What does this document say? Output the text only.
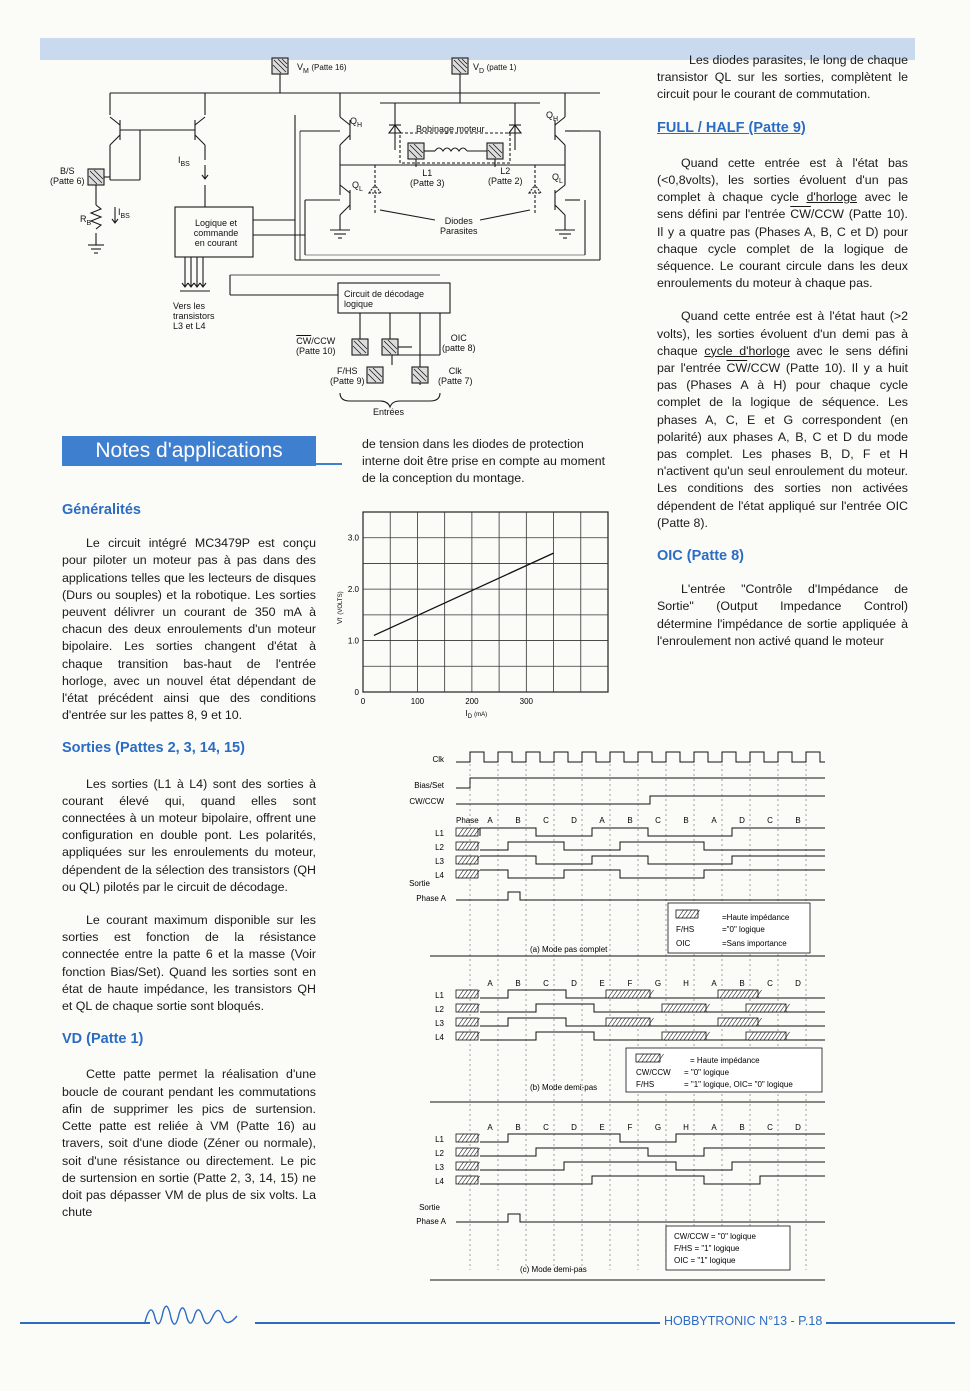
$V_M$ (Patte 16)	$V_D$ (patte 1)
$Q_H$
$Q_H$
Bobinage moteur
L1
(Patte 3)
L2
(Patte 2)
$Q_L$
$Q_L$
Diodes
Parasites
B/S
(Patte 6)
$I_{BS}$
$R_B$
$I_{BS}$
Logique et
commande
en courant
Vers les
transistors
L3 et L4
Circuit de décodage
logique
$\overline{CW}$/CCW
(Patte 10)
OIC
(patte 8)
F/HS
(Patte 9)
Clk
(Patte 7)
Entrées
Notes d'applications
Généralités

Le circuit intégré MC3479P est conçu pour piloter un moteur pas à pas dans des applications telles que les lecteurs de disques (Durs ou souples) et la robotique. Les sorties peuvent délivrer un courant de 350 mA à chacun des deux enroulements d'un moteur bipolaire. Les sorties changent d'état à chaque transition bas-haut de l'entrée horloge, avec un nouvel état dépendant de l'état précédent ainsi que des conditions d'entrée sur les pattes 8, 9 et 10.

Sorties (Pattes 2, 3, 14, 15)

Les sorties (L1 à L4) sont des sorties à courant élevé qui, quand elles sont connectées à un moteur bipolaire, offrent une configuration en double pont. Les polarités, appliquées sur les enroulements du moteur, dépendent de la sélection des transistors (QH ou QL) pilotés par le circuit de décodage.

Le courant maximum disponible sur les sorties est fonction de la résistance connectée entre la patte 6 et la masse (Voir fonction Bias/Set). Quand les sorties sont en état de haute impédance, les transistors QH et QL de chaque sortie sont bloqués.

VD (Patte 1)

Cette patte permet la réalisation d'une boucle de courant pendant les commutations afin de supprimer les pics de surtension. Cette patte est reliée à VM (Patte 16) au travers, soit d'une diode (Zéner ou normale), soit d'une résistance ou directement. Le pic de surtension en sortie (Patte 2, 3, 14, 15) ne doit pas dépasser VM de plus de six volts. La chute

de tension dans les diodes de protection interne doit être prise en compte au moment de la conception du montage.

0	100	200	300
0
1.0
2.0
3.0
$I_D$ $^{(mA)}$
Vf(VOLTS)
Clk
Bias/Set
CW/CCW
Phase A	B	C	D	A	B	C	B	A	D	C	B
L1
L2
L3
L4
Sortie
Phase A
(a) Mode pas complet
=Haute impédance
F/HS	="0" logique
OIC	=Sans importance
A	B	C	D	E	F	G	H	A	B	C	D
L1
L2
L3
L4
(b) Mode demi-pas
= Haute impédance
CW/CCW = "0" logique
F/HS	= "1" logique, OIC= "0" logique
A	B	C	D	E	F	G	H	A	B	C	D
L1
L2
L3
L4
Sortie
Phase A
(c) Mode demi-pas
CW/CCW = "0" logique
F/HS = "1" logique
OIC = "1" logique

Les diodes parasites, le long de chaque transistor QL sur les sorties, complètent le circuit pour le courant de commutation.

FULL / HALF (Patte 9)

Quand cette entrée est à l'état bas (<0,8volts), les sorties évoluent d'un pas complet à chaque cycle d'horloge avec le sens défini par l'entrée $\overline{CW}$/CCW (Patte 10). Il y a quatre pas (Phases A, B, C et D) pour chaque cycle complet de la logique de séquence. Le courant circule dans les deux enroulements du moteur à chaque pas.

Quand cette entrée est à l'état haut (>2 volts), les sorties évoluent d'un demi pas à chaque cycle d'horloge avec le sens défini par l'entrée $\overline{CW}$/CCW (Patte 10). Il y a huit pas (Phases A à H) pour chaque cycle complet de la logique de séquence. Les phases A, C, E et G correspondent (en polarité) aux phases A, B, C et D du mode pas complet. Les phases B, D, F et H n'activent qu'un seul enroulement du moteur. Les conditions des sorties non activées dépendent de l'état appliqué sur l'entrée OIC (Patte 8).

OIC (Patte 8)

L'entrée "Contrôle d'Impédance de Sortie" (Output Impedance Control) détermine l'impédance de sortie appliquée à l'enroulement non activé quand le moteur

HOBBYTRONIC N°13 - P.18
